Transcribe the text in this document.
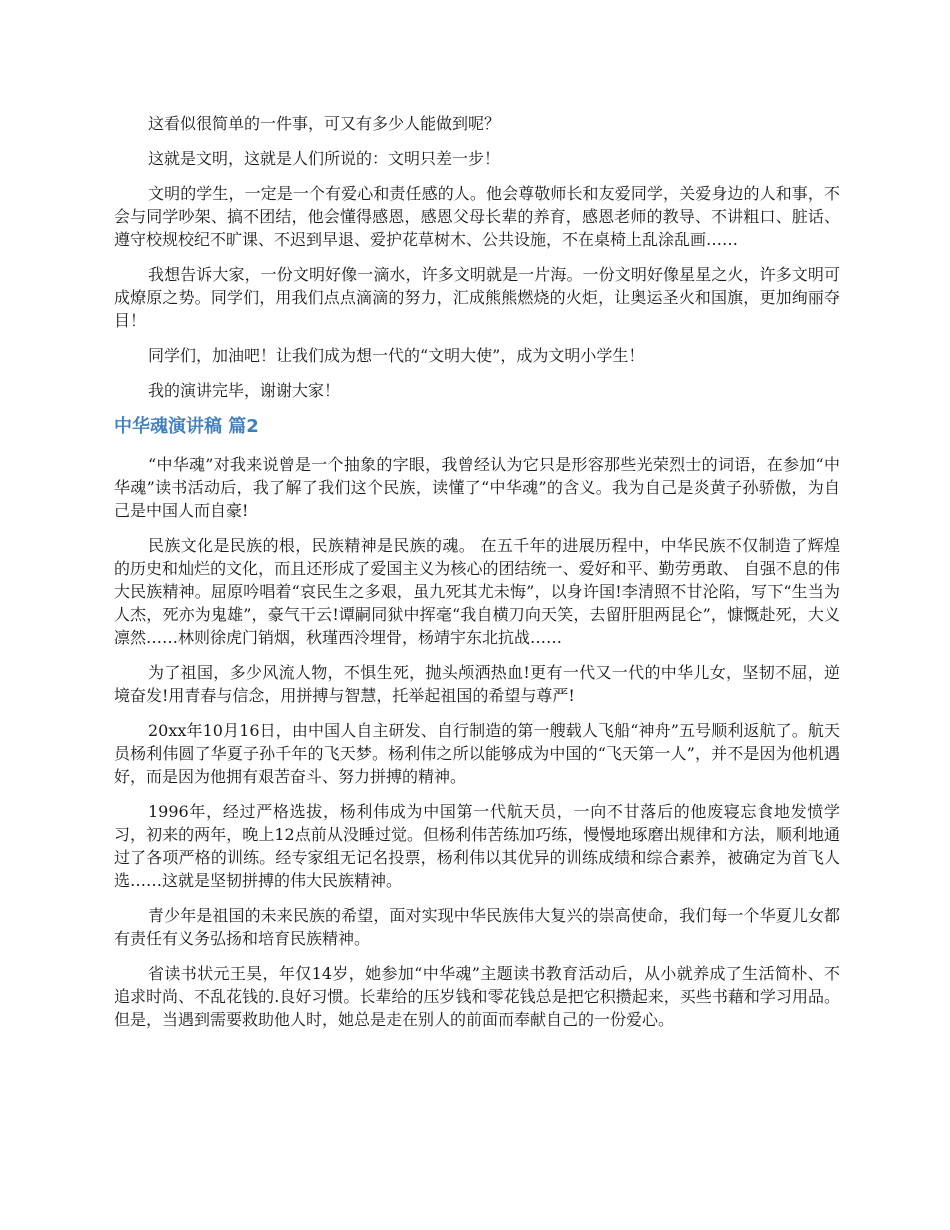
这看似很简单的一件事，可又有多少人能做到呢？

这就是文明，这就是人们所说的：文明只差一步！

文明的学生，一定是一个有爱心和责任感的人。他会尊敬师长和友爱同学，关爱身边的人和事，不会与同学吵架、搞不团结，他会懂得感恩，感恩父母长辈的养育，感恩老师的教导、不讲粗口、脏话、遵守校规校纪不旷课、不迟到早退、爱护花草树木、公共设施，不在桌椅上乱涂乱画……

我想告诉大家，一份文明好像一滴水，许多文明就是一片海。一份文明好像星星之火，许多文明可成燎原之势。同学们，用我们点点滴滴的努力，汇成熊熊燃烧的火炬，让奥运圣火和国旗，更加绚丽夺目！

同学们，加油吧！让我们成为想一代的“文明大使”，成为文明小学生！

我的演讲完毕，谢谢大家！

中华魂演讲稿 篇2

“中华魂”对我来说曾是一个抽象的字眼，我曾经认为它只是形容那些光荣烈士的词语，在参加“中华魂”读书活动后，我了解了我们这个民族，读懂了“中华魂”的含义。我为自己是炎黄子孙骄傲，为自己是中国人而自豪!

民族文化是民族的根，民族精神是民族的魂。 在五千年的进展历程中，中华民族不仅制造了辉煌的历史和灿烂的文化，而且还形成了爱国主义为核心的团结统一、爱好和平、勤劳勇敢、 自强不息的伟大民族精神。屈原吟唱着“哀民生之多艰，虽九死其尤未悔”，以身许国!李清照不甘沦陷，写下“生当为人杰，死亦为鬼雄”，豪气干云!谭嗣同狱中挥毫“我自横刀向天笑，去留肝胆两昆仑”，慷慨赴死，大义凛然……林则徐虎门销烟，秋瑾西泠埋骨，杨靖宇东北抗战……

为了祖国，多少风流人物，不惧生死，抛头颅洒热血!更有一代又一代的中华儿女，坚韧不屈，逆境奋发!用青春与信念，用拼搏与智慧，托举起祖国的希望与尊严!

20xx年10月16日，由中国人自主研发、自行制造的第一艘载人飞船“神舟”五号顺利返航了。航天员杨利伟圆了华夏子孙千年的飞天梦。杨利伟之所以能够成为中国的“飞天第一人”，并不是因为他机遇好，而是因为他拥有艰苦奋斗、努力拼搏的精神。

1996年，经过严格选拔，杨利伟成为中国第一代航天员，一向不甘落后的他废寝忘食地发愤学习，初来的两年，晚上12点前从没睡过觉。但杨利伟苦练加巧练，慢慢地琢磨出规律和方法，顺利地通过了各项严格的训练。经专家组无记名投票，杨利伟以其优异的训练成绩和综合素养，被确定为首飞人选……这就是坚韧拼搏的伟大民族精神。

青少年是祖国的未来民族的希望，面对实现中华民族伟大复兴的崇高使命，我们每一个华夏儿女都有责任有义务弘扬和培育民族精神。

省读书状元王昊，年仅14岁，她参加“中华魂”主题读书教育活动后，从小就养成了生活简朴、不追求时尚、不乱花钱的.良好习惯。长辈给的压岁钱和零花钱总是把它积攒起来，买些书藉和学习用品。但是，当遇到需要救助他人时，她总是走在别人的前面而奉献自己的一份爱心。
